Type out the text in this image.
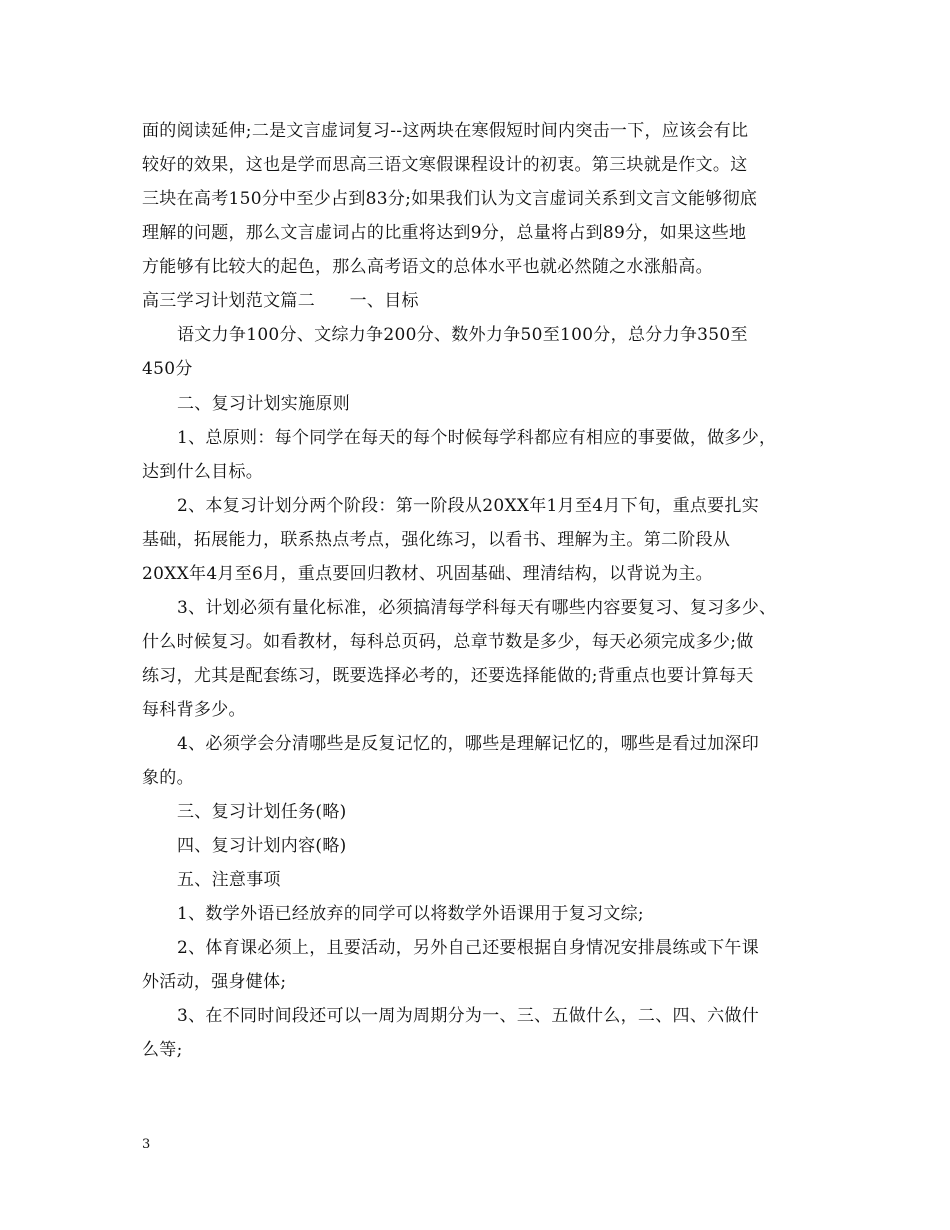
面的阅读延伸;二是文言虚词复习--这两块在寒假短时间内突击一下，应该会有比
较好的效果，这也是学而思高三语文寒假课程设计的初衷。第三块就是作文。这
三块在高考150分中至少占到83分;如果我们认为文言虚词关系到文言文能够彻底
理解的问题，那么文言虚词占的比重将达到9分，总量将占到89分，如果这些地
方能够有比较大的起色，那么高考语文的总体水平也就必然随之水涨船高。
高三学习计划范文篇二　　一、目标
语文力争100分、文综力争200分、数外力争50至100分，总分力争350至
450分
二、复习计划实施原则
1、总原则：每个同学在每天的每个时候每学科都应有相应的事要做，做多少，
达到什么目标。
2、本复习计划分两个阶段：第一阶段从20XX年1月至4月下旬，重点要扎实
基础，拓展能力，联系热点考点，强化练习，以看书、理解为主。第二阶段从
20XX年4月至6月，重点要回归教材、巩固基础、理清结构，以背说为主。
3、计划必须有量化标准，必须搞清每学科每天有哪些内容要复习、复习多少、
什么时候复习。如看教材，每科总页码，总章节数是多少，每天必须完成多少;做
练习，尤其是配套练习，既要选择必考的，还要选择能做的;背重点也要计算每天
每科背多少。
4、必须学会分清哪些是反复记忆的，哪些是理解记忆的，哪些是看过加深印
象的。
三、复习计划任务(略)
四、复习计划内容(略)
五、注意事项
1、数学外语已经放弃的同学可以将数学外语课用于复习文综;
2、体育课必须上，且要活动，另外自己还要根据自身情况安排晨练或下午课
外活动，强身健体;
3、在不同时间段还可以一周为周期分为一、三、五做什么，二、四、六做什
么等;
3
